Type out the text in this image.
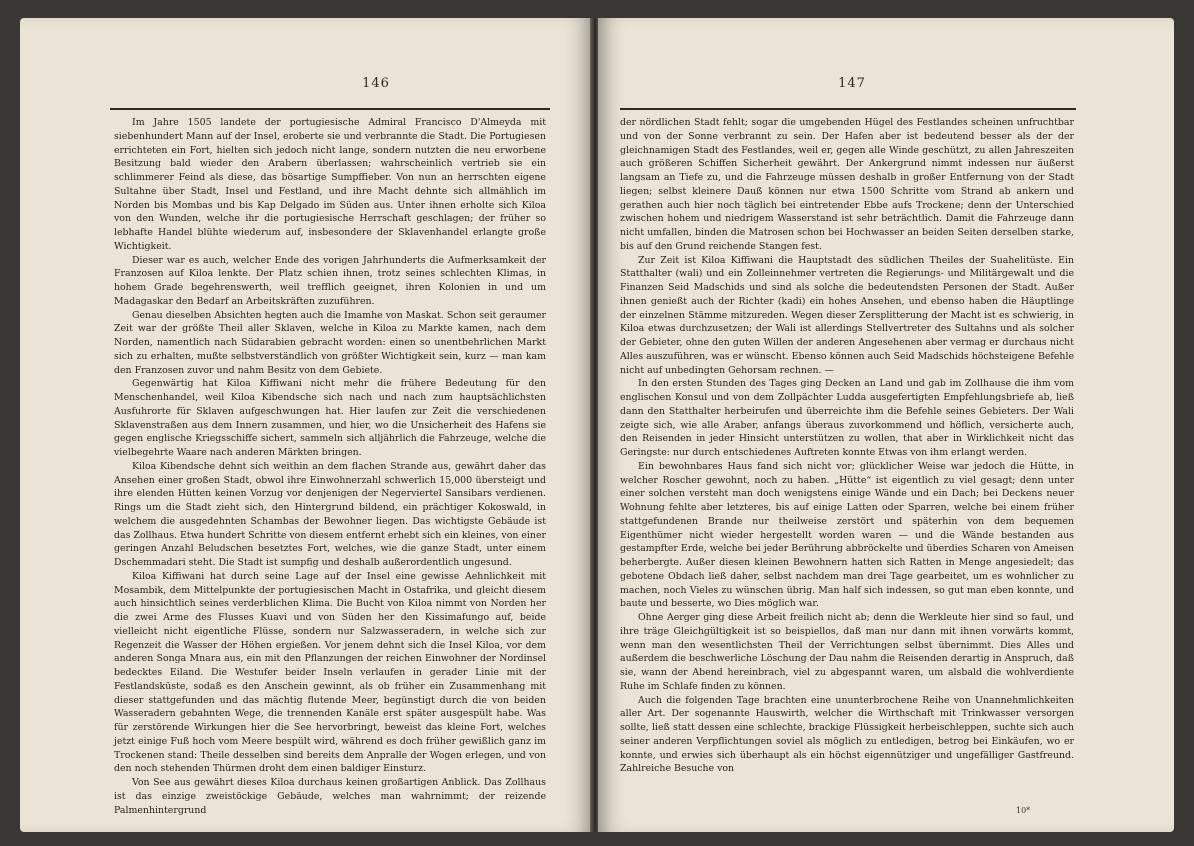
146

Im Jahre 1505 landete der portugiesische Admiral Francisco D'Almeyda mit siebenhundert Mann auf der Insel, eroberte sie und verbrannte die Stadt. Die Portugiesen errichteten ein Fort, hielten sich jedoch nicht lange, sondern nutzten die neu erworbene Besitzung bald wieder den Arabern überlassen; wahrscheinlich vertrieb sie ein schlimmerer Feind als diese, das bösartige Sumpffieber. Von nun an herrschten eigene Sultahne über Stadt, Insel und Festland, und ihre Macht dehnte sich allmählich im Norden bis Mombas und bis Kap Delgado im Süden aus. Unter ihnen erholte sich Kiloa von den Wunden, welche ihr die portugiesische Herrschaft geschlagen; der früher so lebhafte Handel blühte wiederum auf, insbesondere der Sklavenhandel erlangte große Wichtigkeit.

Dieser war es auch, welcher Ende des vorigen Jahrhunderts die Aufmerksamkeit der Franzosen auf Kiloa lenkte. Der Platz schien ihnen, trotz seines schlechten Klimas, in hohem Grade begehrenswerth, weil trefflich geeignet, ihren Kolonien in und um Madagaskar den Bedarf an Arbeitskräften zuzuführen.

Genau dieselben Absichten hegten auch die Imamhe von Maskat. Schon seit geraumer Zeit war der größte Theil aller Sklaven, welche in Kiloa zu Markte kamen, nach dem Norden, namentlich nach Südarabien gebracht worden: einen so unentbehrlichen Markt sich zu erhalten, mußte selbstverständlich von größter Wichtigkeit sein, kurz — man kam den Franzosen zuvor und nahm Besitz von dem Gebiete.

Gegenwärtig hat Kiloa Kiffiwani nicht mehr die frühere Bedeutung für den Menschenhandel, weil Kiloa Kibendsche sich nach und nach zum hauptsächlichsten Ausfuhrorte für Sklaven aufgeschwungen hat. Hier laufen zur Zeit die verschiedenen Sklavenstraßen aus dem Innern zusammen, und hier, wo die Unsicherheit des Hafens sie gegen englische Kriegsschiffe sichert, sammeln sich alljährlich die Fahrzeuge, welche die vielbegehrte Waare nach anderen Märkten bringen.

Kiloa Kibendsche dehnt sich weithin an dem flachen Strande aus, gewährt daher das Ansehen einer großen Stadt, obwol ihre Einwohnerzahl schwerlich 15,000 übersteigt und ihre elenden Hütten keinen Vorzug vor denjenigen der Negerviertel Sansibars verdienen. Rings um die Stadt zieht sich, den Hintergrund bildend, ein prächtiger Kokoswald, in welchem die ausgedehnten Schambas der Bewohner liegen. Das wichtigste Gebäude ist das Zollhaus. Etwa hundert Schritte von diesem entfernt erhebt sich ein kleines, von einer geringen Anzahl Beludschen besetztes Fort, welches, wie die ganze Stadt, unter einem Dschemmadari steht. Die Stadt ist sumpfig und deshalb außerordentlich ungesund.

Kiloa Kiffiwani hat durch seine Lage auf der Insel eine gewisse Aehnlichkeit mit Mosambik, dem Mittelpunkte der portugiesischen Macht in Ostafrika, und gleicht diesem auch hinsichtlich seines verderblichen Klima. Die Bucht von Kiloa nimmt von Norden her die zwei Arme des Flusses Kuavi und von Süden her den Kissimafungo auf, beide vielleicht nicht eigentliche Flüsse, sondern nur Salzwasseradern, in welche sich zur Regenzeit die Wasser der Höhen ergießen. Vor jenem dehnt sich die Insel Kiloa, vor dem anderen Songa Mnara aus, ein mit den Pflanzungen der reichen Einwohner der Nordinsel bedecktes Eiland. Die Westufer beider Inseln verlaufen in gerader Linie mit der Festlandsküste, sodaß es den Anschein gewinnt, als ob früher ein Zusammenhang mit dieser stattgefunden und das mächtig flutende Meer, begünstigt durch die von beiden Wasseradern gebahnten Wege, die trennenden Kanäle erst später ausgespült habe. Was für zerstörende Wirkungen hier die See hervorbringt, beweist das kleine Fort, welches jetzt einige Fuß hoch vom Meere bespült wird, während es doch früher gewißlich ganz im Trockenen stand: Theile desselben sind bereits dem Anpralle der Wogen erlegen, und von den noch stehenden Thürmen droht dem einen baldiger Einsturz.

Von See aus gewährt dieses Kiloa durchaus keinen großartigen Anblick. Das Zollhaus ist das einzige zweistöckige Gebäude, welches man wahrnimmt; der reizende Palmenhintergrund

147

der nördlichen Stadt fehlt; sogar die umgebenden Hügel des Festlandes scheinen unfruchtbar und von der Sonne verbrannt zu sein. Der Hafen aber ist bedeutend besser als der der gleichnamigen Stadt des Festlandes, weil er, gegen alle Winde geschützt, zu allen Jahreszeiten auch größeren Schiffen Sicherheit gewährt. Der Ankergrund nimmt indessen nur äußerst langsam an Tiefe zu, und die Fahrzeuge müssen deshalb in großer Entfernung von der Stadt liegen; selbst kleinere Dauß können nur etwa 1500 Schritte vom Strand ab ankern und gerathen auch hier noch täglich bei eintretender Ebbe aufs Trockene; denn der Unterschied zwischen hohem und niedrigem Wasserstand ist sehr beträchtlich. Damit die Fahrzeuge dann nicht umfallen, binden die Matrosen schon bei Hochwasser an beiden Seiten derselben starke, bis auf den Grund reichende Stangen fest.

Zur Zeit ist Kiloa Kiffiwani die Hauptstadt des südlichen Theiles der Suahelitüste. Ein Statthalter (wali) und ein Zolleinnehmer vertreten die Regierungs- und Militärgewalt und die Finanzen Seid Madschids und sind als solche die bedeutendsten Personen der Stadt. Außer ihnen genießt auch der Richter (kadi) ein hohes Ansehen, und ebenso haben die Häuptlinge der einzelnen Stämme mitzureden. Wegen dieser Zersplitterung der Macht ist es schwierig, in Kiloa etwas durchzusetzen; der Wali ist allerdings Stellvertreter des Sultahns und als solcher der Gebieter, ohne den guten Willen der anderen Angesehenen aber vermag er durchaus nicht Alles auszuführen, was er wünscht. Ebenso können auch Seid Madschids höchsteigene Befehle nicht auf unbedingten Gehorsam rechnen. —

In den ersten Stunden des Tages ging Decken an Land und gab im Zollhause die ihm vom englischen Konsul und von dem Zollpächter Ludda ausgefertigten Empfehlungsbriefe ab, ließ dann den Statthalter herbeirufen und überreichte ihm die Befehle seines Gebieters. Der Wali zeigte sich, wie alle Araber, anfangs überaus zuvorkommend und höflich, versicherte auch, den Reisenden in jeder Hinsicht unterstützen zu wollen, that aber in Wirklichkeit nicht das Geringste: nur durch entschiedenes Auftreten konnte Etwas von ihm erlangt werden.

Ein bewohnbares Haus fand sich nicht vor; glücklicher Weise war jedoch die Hütte, in welcher Roscher gewohnt, noch zu haben. „Hütte“ ist eigentlich zu viel gesagt; denn unter einer solchen versteht man doch wenigstens einige Wände und ein Dach; bei Deckens neuer Wohnung fehlte aber letzteres, bis auf einige Latten oder Sparren, welche bei einem früher stattgefundenen Brande nur theilweise zerstört und späterhin von dem bequemen Eigenthümer nicht wieder hergestellt worden waren — und die Wände bestanden aus gestampfter Erde, welche bei jeder Berührung abbröckelte und überdies Scharen von Ameisen beherbergte. Außer diesen kleinen Bewohnern hatten sich Ratten in Menge angesiedelt; das gebotene Obdach ließ daher, selbst nachdem man drei Tage gearbeitet, um es wohnlicher zu machen, noch Vieles zu wünschen übrig. Man half sich indessen, so gut man eben konnte, und baute und besserte, wo Dies möglich war.

Ohne Aerger ging diese Arbeit freilich nicht ab; denn die Werkleute hier sind so faul, und ihre träge Gleichgültigkeit ist so beispiellos, daß man nur dann mit ihnen vorwärts kommt, wenn man den wesentlichsten Theil der Verrichtungen selbst übernimmt. Dies Alles und außerdem die beschwerliche Löschung der Dau nahm die Reisenden derartig in Anspruch, daß sie, wann der Abend hereinbrach, viel zu abgespannt waren, um alsbald die wohlverdiente Ruhe im Schlafe finden zu können.

Auch die folgenden Tage brachten eine ununterbrochene Reihe von Unannehmlichkeiten aller Art. Der sogenannte Hauswirth, welcher die Wirthschaft mit Trinkwasser versorgen sollte, ließ statt dessen eine schlechte, brackige Flüssigkeit herbeischleppen, suchte sich auch seiner anderen Verpflichtungen soviel als möglich zu entledigen, betrog bei Einkäufen, wo er konnte, und erwies sich überhaupt als ein höchst eigennütziger und ungefälliger Gastfreund. Zahlreiche Besuche von

10*
